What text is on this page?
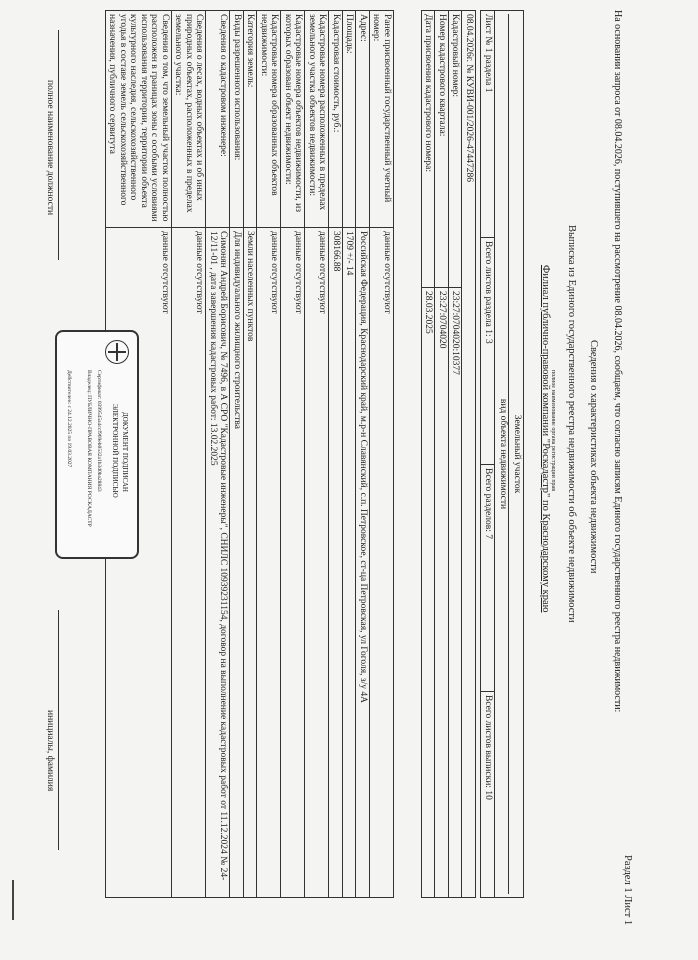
Раздел 1 Лист 1
На основании запроса от 08.04.2026, поступившего на рассмотрение 08.04.2026, сообщаем, что согласно записям Единого государственного реестра недвижимости:
Сведения о характеристиках объекта недвижимости
Выписка из Единого государственного реестра недвижимости об объекте недвижимости
полное наименование органа регистрации прав
Филиал публично-правовой компании "Роскадастр" по Краснодарскому краю
Земельный участок
вид объекта недвижимости

Лист № 1 раздела 1	Всего листов раздела 1: 3	Всего разделов: 7	Всего листов выписки: 10
08.04.2026г. № КУВИ-001/2026-47447286	
Кадастровый номер:	23:27:0704020:10377
Номер кадастрового квартала:	23:27:0704020
Дата присвоения кадастрового номера:	28.03.2025
Ранее присвоенный государственный учетный номер:	данные отсутствуют
Адрес:	Российская Федерация, Краснодарский край, м.р-н Славянский, с.п. Петровское, ст-ца Петровская, ул Гоголя, з/у 4А
Площадь:	1709 +/- 14
Кадастровая стоимость, руб.:	308166.88
Кадастровые номера расположенных в пределах земельного участка объектов недвижимости:	данные отсутствуют
Кадастровые номера объектов недвижимости, из которых образован объект недвижимости:	данные отсутствуют
Кадастровые номера образованных объектов недвижимости:	данные отсутствуют
Категория земель:	Земли населенных пунктов
Виды разрешенного использования:	Для индивидуального жилищного строительства
Сведения о кадастровом инженере:	Симонян Андрей Борисович, № 7496, в А СРО "Кадастровые инженеры", СНИЛС 10939231154, договор на выполнение кадастровых работ от 11.12.2024 № 24-12/11-01 , дата завершения кадастровых работ: 13.02.2025
Сведения о лесах, водных объектах и об иных природных объектах, расположенных в пределах земельного участка:	данные отсутствуют
Сведения о том, что земельный участок полностью расположен в границах зоны с особыми условиями использования территории, территории объекта культурного наследия, сельскохозяйственного угодья в составе земель сельскохозяйственного назначения, публичного сервитута	данные отсутствуют
ДОКУМЕНТ ПОДПИСАН
ЭЛЕКТРОННОЙ ПОДПИСЬЮ
Сертификат: 0399545a4ccf969eb0532a1b3d0ba28843
Владелец: ПУБЛИЧНО-ПРАВОВАЯ КОМПАНИЯ РОСКАДАСТР
Действителен: с 24.12.2025 по 19.03.2027
полное наименование должности
инициалы, фамилия
